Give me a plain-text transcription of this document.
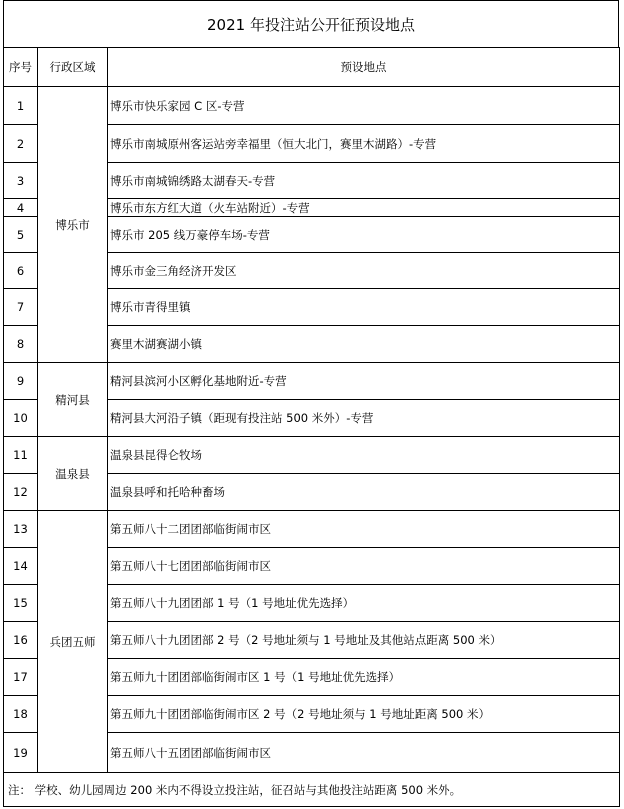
2021 年投注站公开征预设地点
序号	行政区域	预设地点
1	博乐市	博乐市快乐家园 C 区-专营
2		博乐市南城原州客运站旁幸福里（恒大北门，赛里木湖路）-专营
3		博乐市南城锦绣路太湖春天-专营
4		博乐市东方红大道（火车站附近）-专营
5		博乐市 205 线万豪停车场-专营
6		博乐市金三角经济开发区
7		博乐市青得里镇
8		赛里木湖赛湖小镇
9	精河县	精河县滨河小区孵化基地附近-专营
10		精河县大河沿子镇（距现有投注站 500 米外）-专营
11	温泉县	温泉县昆得仑牧场
12		温泉县呼和托哈种畜场
13	兵团五师	第五师八十二团团部临街闹市区
14		第五师八十七团团部临街闹市区
15		第五师八十九团团部 1 号（1 号地址优先选择）
16		第五师八十九团团部 2 号（2 号地址须与 1 号地址及其他站点距离 500 米）
17		第五师九十团团部临街闹市区 1 号（1 号地址优先选择）
18		第五师九十团团部临街闹市区 2 号（2 号地址须与 1 号地址距离 500 米）
19		第五师八十五团团部临街闹市区
注： 学校、幼儿园周边 200 米内不得设立投注站，征召站与其他投注站距离 500 米外。		
